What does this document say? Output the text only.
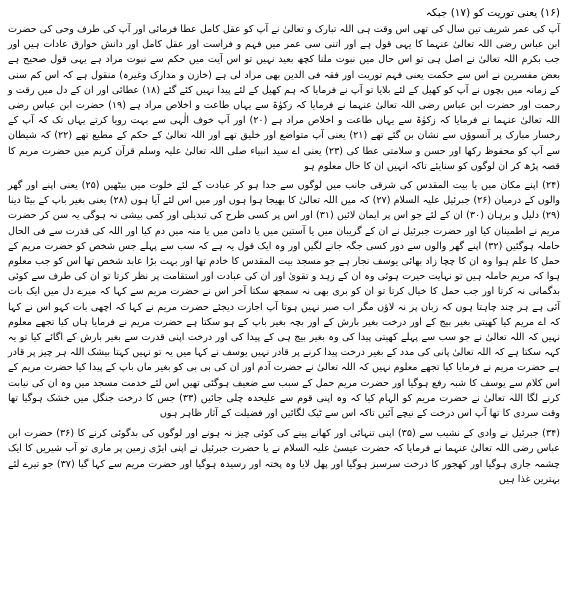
(۱۶) یعنی توریت کو (۱۷) جبکہ

آپ کی عمر شریف تین سال کی تھی اس وقت ہی اللہ تبارک و تعالیٰ نے آپ کو عقل کامل عطا فرمائی اور آپ کی طرف وحی کی حضرت ابن عباس رضی اللہ تعالیٰ عنہما کا یہی قول ہے اور اتنی سی عمر میں فہم و فراست اور عقل کامل اور دانش خوارق عادات ہیں اور جب بکرم اللہ تعالیٰ نے اصل ہی تو اس حال میں نبوت ملنا کچھ بعید نہیں تو اس آیت میں حکم سے نبوت مراد ہے یہی قول صحیح ہے بعض مفسرین نے اس سے حکمت یعنی فہم توریت اور فقہ فی الدین بھی مراد لی ہے (خازن و مدارک وغیرہ) منقول ہے کہ اس کم سنی کے زمانہ میں بچوں نے آپ کو کھیل کے لئے بلایا تو آپ نے فرمایا کہ ہم کھیل کے لئے پیدا نہیں کئے گئے (۱۸) عطائی اور ان کے دل میں رقت و رحمت اور حضرت ابن عباس رضی اللہ تعالیٰ عنہما نے فرمایا کہ زکوٰۃ سے یہاں طاعت و اخلاص مراد ہے (۱۹) حضرت ابن عباس رضی اللہ تعالیٰ عنہما نے فرمایا کہ زکوٰۃ سے یہاں طاعت و اخلاص مراد ہے (۲۰) اور آپ خوف الٰہی سے بہت رویا کرتے یہاں تک کہ آپ کے رخسار مبارک پر آنسوؤں سے نشان بن گئے تھے (۲۱) یعنی آپ متواضع اور خلیق تھے اور اللہ تعالیٰ کے حکم کے مطیع تھے (۲۲) کہ شیطان سے آپ کو محفوظ رکھا اور حسن و سلامتی عطا کی (۲۳) یعنی اے سید انبیاء صلی اللہ تعالیٰ علیہ وسلم قرآن کریم میں حضرت مریم کا قصہ پڑھ کر ان لوگوں کو سنایئے تاکہ انہیں ان کا حال معلوم ہو

(۲۴) اپنے مکان میں یا بیت المقدس کی شرقی جانب میں لوگوں سے جدا ہو کر عبادت کے لئے خلوت میں بیٹھیں (۲۵) یعنی اپنے اور گھر والوں کے درمیان (۲۶) جبرئیل علیہ السلام (۲۷) کہ میں اللہ تعالیٰ کا بھیجا ہوا ہوں اور میں اس لئے آیا ہوں (۲۸) یعنی بغیر باپ کے بیٹا دینا (۲۹) دلیل و برہان (۳۰) ان کے لئے جو اس پر ایمان لائیں (۳۱) اور اس پر کسی طرح کی تبدیلی اور کمی بیشی نہ ہوگی یہ سن کر حضرت مریم نے اطمینان کیا اور حضرت جبرئیل نے ان کے گریبان میں یا آستین میں یا دامن میں یا منہ میں دم کیا اور اللہ کی قدرت سے فی الحال حاملہ ہوگئیں (۳۲) اپنے گھر والوں سے دور کسی جگہ جانے لگیں اور وہ ایک قول یہ ہے کہ سب سے پہلے جس شخص کو حضرت مریم کے حمل کا علم ہوا وہ ان کا چچا زاد بھائی یوسف نجار ہے جو مسجد بیت المقدس کا خادم تھا اور بہت بڑا عابد شخص تھا اس کو جب معلوم ہوا کہ مریم حاملہ ہیں تو نہایت حیرت ہوئی وہ ان کے زہد و تقویٰ اور ان کی عبادت اور استقامت پر نظر کرتا تو ان کی طرف سے کوئی بدگمانی نہ کرتا اور جب حمل کا خیال کرتا تو ان کو بری بھی نہ سمجھ سکتا آخر اس نے حضرت مریم سے کہا کہ میرے دل میں ایک بات آئی ہے ہر چند چاہتا ہوں کہ زبان پر نہ لاؤں مگر اب صبر نہیں ہوتا آپ اجازت دیجئے حضرت مریم نے کہا کہ اچھی بات کہو اس نے کہا کہ اے مریم کیا کھیتی بغیر بیج کے اور درخت بغیر بارش کے اور بچہ بغیر باپ کے ہو سکتا ہے حضرت مریم نے فرمایا ہاں کیا تجھے معلوم نہیں کہ اللہ تعالیٰ نے جو سب سے پہلے کھیتی پیدا کی وہ بغیر بیج ہی کے پیدا کی اور درخت اپنی قدرت سے بغیر بارش کے اگائے کیا تو یہ کہہ سکتا ہے کہ اللہ تعالیٰ پانی کی مدد کے بغیر درخت پیدا کرنے پر قادر نہیں یوسف نے کہا میں یہ تو نہیں کہتا بیشک اللہ ہر چیز پر قادر ہے حضرت مریم نے فرمایا کیا تجھے معلوم نہیں کہ اللہ تعالیٰ نے حضرت آدم اور ان کی بی بی کو بغیر ماں باپ کے پیدا کیا حضرت مریم کے اس کلام سے یوسف کا شبہ رفع ہوگیا اور حضرت مریم حمل کے سبب سے ضعیف ہوگئی تھیں اس لئے خدمت مسجد میں وہ ان کی نیابت کرنے لگا اللہ تعالیٰ نے حضرت مریم کو الہام کیا کہ وہ اپنی قوم سے علیحدہ چلی جائیں (۳۳) جس کا درخت جنگل میں خشک ہوگیا تھا وقت سردی کا تھا آپ اس درخت کے نیچے آئیں تاکہ اس سے ٹیک لگائیں اور فضیلت کے آثار ظاہر ہوں

(۳۴) جبرئیل نے وادی کے نشیب سے (۳۵) اپنی تنہائی اور کھانے پینے کی کوئی چیز نہ ہونے اور لوگوں کی بدگوئی کرنے کا (۳۶) حضرت ابن عباس رضی اللہ تعالیٰ عنہما نے فرمایا کہ حضرت عیسیٰ علیہ السلام نے یا حضرت جبرئیل نے اپنی ایڑی زمین پر ماری تو آب شیریں کا ایک چشمہ جاری ہوگیا اور کھجور کا درخت سرسبز ہوگیا اور پھل لایا وہ پختہ اور رسیدہ ہوگیا اور حضرت مریم سے کہا گیا (۳۷) جو تیرے لئے بہترین غذا ہیں
